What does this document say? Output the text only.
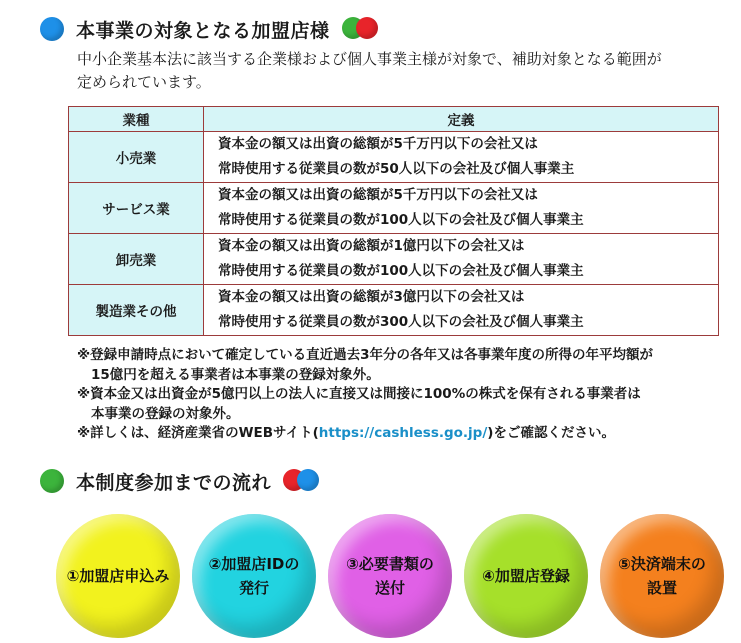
本事業の対象となる加盟店様
中小企業基本法に該当する企業様および個人事業主様が対象で、補助対象となる範囲が
定められています。
業種	定義
小売業	資本金の額又は出資の総額が5千万円以下の会社又は
常時使用する従業員の数が50人以下の会社及び個人事業主

サービス業	資本金の額又は出資の総額が5千万円以下の会社又は
常時使用する従業員の数が100人以下の会社及び個人事業主

卸売業	資本金の額又は出資の総額が1億円以下の会社又は
常時使用する従業員の数が100人以下の会社及び個人事業主

製造業その他	資本金の額又は出資の総額が3億円以下の会社又は
常時使用する従業員の数が300人以下の会社及び個人事業主

※登録申請時点において確定している直近過去3年分の各年又は各事業年度の所得の年平均額が

15億円を超える事業者は本事業の登録対象外。

※資本金又は出資金が5億円以上の法人に直接又は間接に100%の株式を保有される事業者は

本事業の登録の対象外。

※詳しくは、経済産業省のWEBサイト(https://cashless.go.jp/)をご確認ください。

本制度参加までの流れ
①加盟店申込み
②加盟店IDの
発行
③必要書類の
送付
④加盟店登録
⑤決済端末の
設置
